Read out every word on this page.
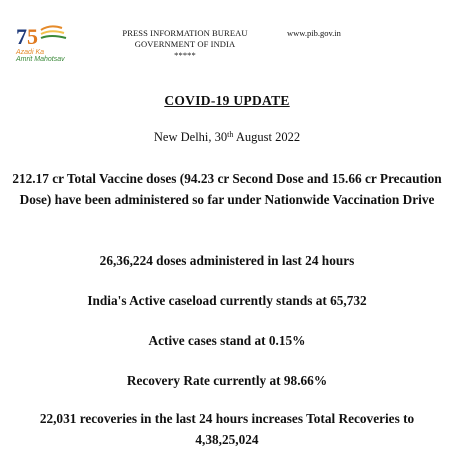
7 5
Azadi Ka
Amrit Mahotsav
PRESS INFORMATION BUREAU
GOVERNMENT OF INDIA
*****
www.pib.gov.in
COVID-19 UPDATE
New Delhi, 30th August 2022
212.17 cr Total Vaccine doses (94.23 cr Second Dose and 15.66 cr Precaution Dose) have been administered so far under Nationwide Vaccination Drive
26,36,224 doses administered in last 24 hours
India's Active caseload currently stands at 65,732
Active cases stand at 0.15%
Recovery Rate currently at 98.66%
22,031 recoveries in the last 24 hours increases Total Recoveries to 4,38,25,024
